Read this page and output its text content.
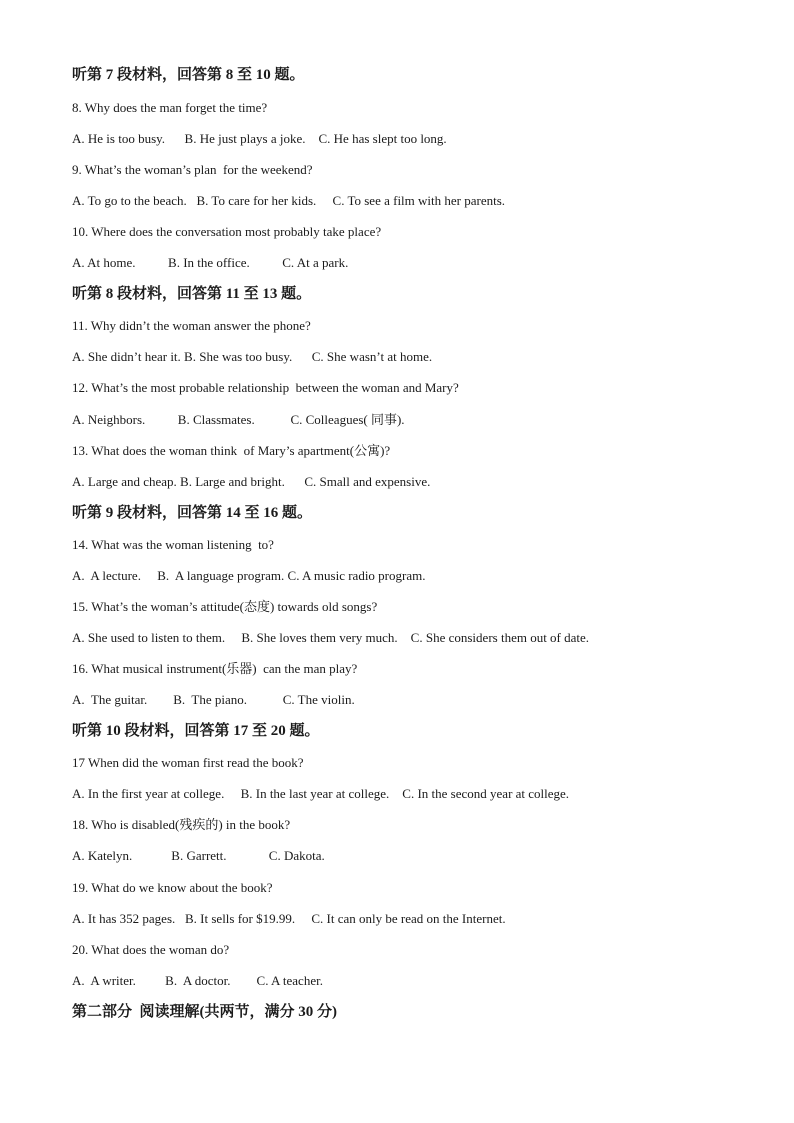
听第 7 段材料，回答第 8 至 10 题。
8. Why does the man forget the time?
A. He is too busy.      B. He just plays a joke.    C. He has slept too long.
9. What’s the woman’s plan  for the weekend?
A. To go to the beach.   B. To care for her kids.     C. To see a film with her parents.
10. Where does the conversation most probably take place?
A. At home.          B. In the office.          C. At a park.
听第 8 段材料，回答第 11 至 13 题。
11. Why didn’t the woman answer the phone?
A. She didn’t hear it. B. She was too busy.      C. She wasn’t at home.
12. What’s the most probable relationship  between the woman and Mary?
A. Neighbors.          B. Classmates.           C. Colleagues( 同事).
13. What does the woman think  of Mary’s apartment(公寓)?
A. Large and cheap. B. Large and bright.      C. Small and expensive.
听第 9 段材料，回答第 14 至 16 题。
14. What was the woman listening  to?
A.  A lecture.     B.  A language program. C. A music radio program.
15. What’s the woman’s attitude(态度) towards old songs?
A. She used to listen to them.     B. She loves them very much.    C. She considers them out of date.
16. What musical instrument(乐器)  can the man play?
A.  The guitar.        B.  The piano.           C. The violin.
听第 10 段材料，回答第 17 至 20 题。
17 When did the woman first read the book?
A. In the first year at college.     B. In the last year at college.    C. In the second year at college.
18. Who is disabled(残疾的) in the book?
A. Katelyn.            B. Garrett.             C. Dakota.
19. What do we know about the book?
A. It has 352 pages.   B. It sells for $19.99.     C. It can only be read on the Internet.
20. What does the woman do?
A.  A writer.         B.  A doctor.        C. A teacher.
第二部分  阅读理解(共两节，满分 30 分)
